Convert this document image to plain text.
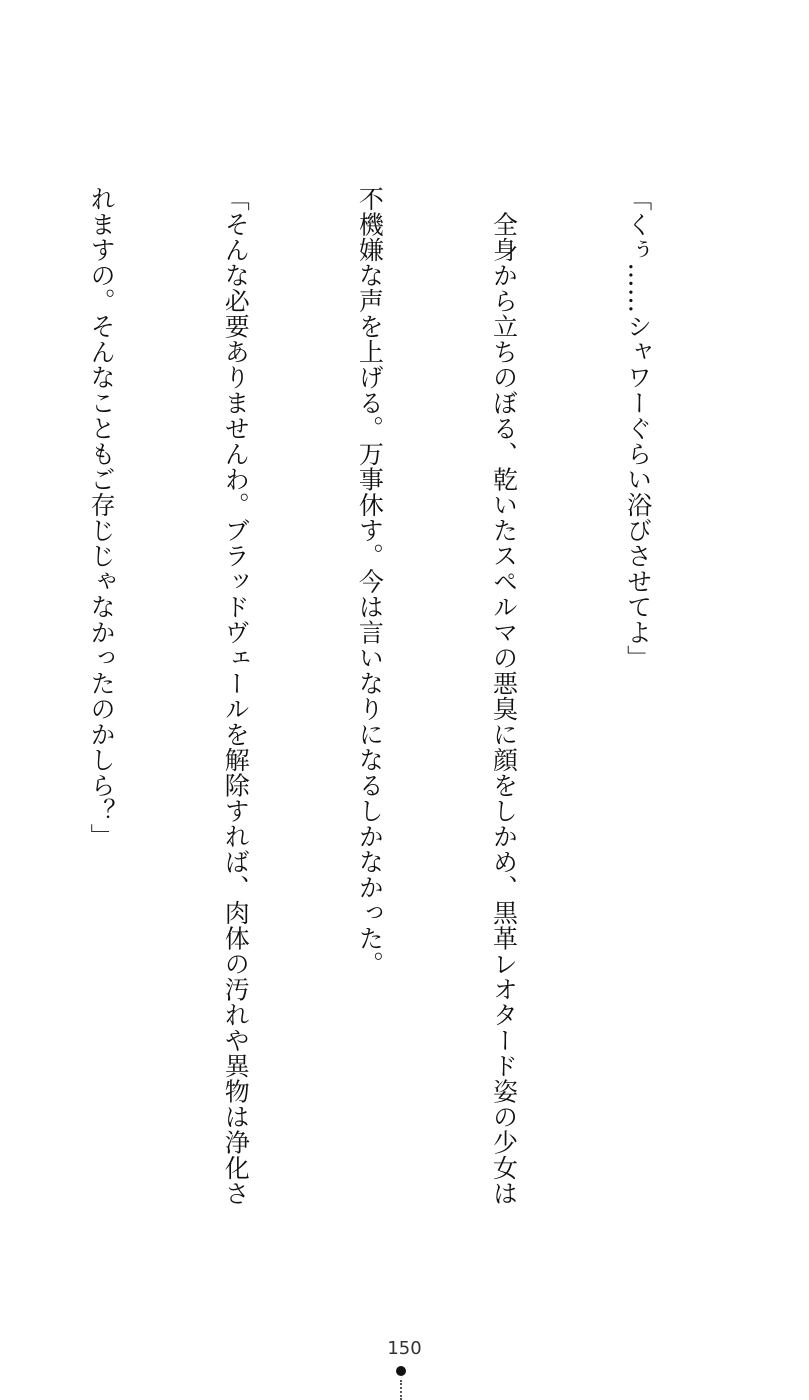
「くぅ……シャワーぐらい浴びさせてよ」

　全身から立ちのぼる、乾いたスペルマの悪臭に顔をしかめ、黒革レオタード姿の少女は

不機嫌な声を上げる。万事休す。今は言いなりになるしかなかった。

「そんな必要ありませんわ。ブラッドヴェールを解除すれば、肉体の汚れや異物は浄化さ

れますの。そんなこともご存じじゃなかったのかしら？」

150
